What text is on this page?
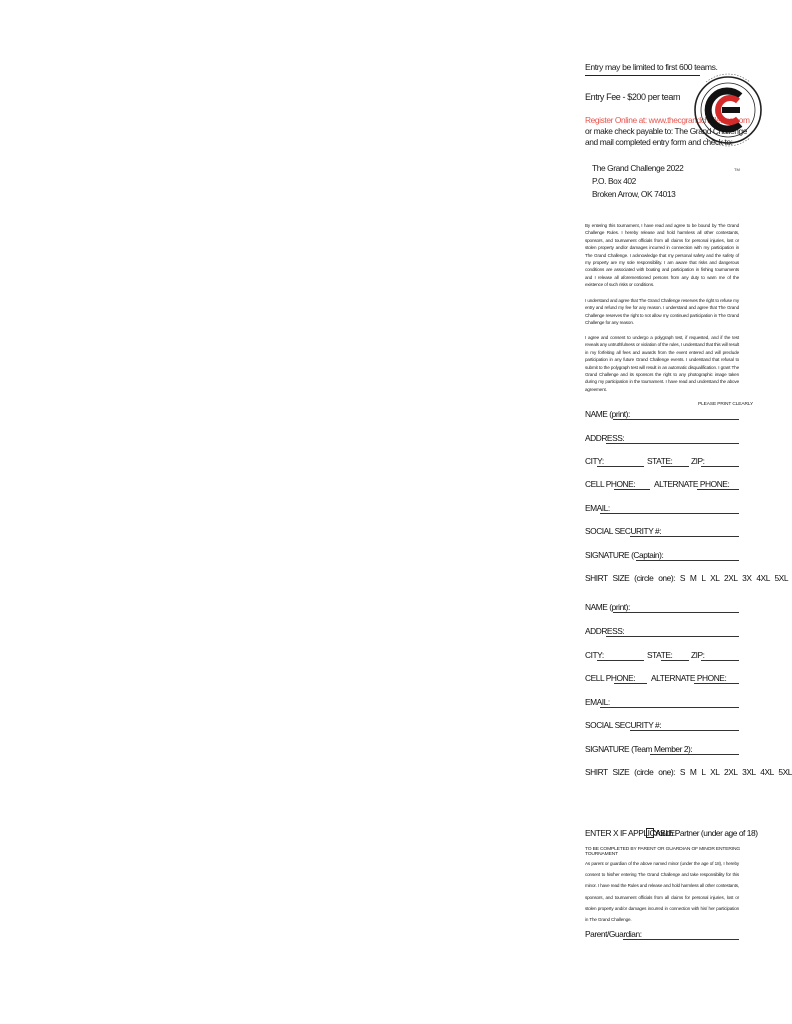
Entry may be limited to first 600 teams.
Entry Fee - $200 per team
Register Online at: www.thecgrandchallenge.com
or make check payable to: The Grand Challenge
and mail completed entry form and check to:
The Grand Challenge 2022
P.O. Box 402
Broken Arrow, OK 74013
TM
By entering this tournament, I have read and agree to be bound by The Grand Challenge Rules. I hereby release and hold harmless all other contestants, sponsors, and tournament officials from all claims for personal injuries, lost or stolen property and/or damages incurred in connection with my participation in The Grand Challenge. I acknowledge that my personal safety and the safety of my property are my sole responsibility. I am aware that risks and dangerous conditions are associated with boating and participation in fishing tournaments and I release all aforementioned persons from any duty to warn me of the existence of such risks or conditions.
I understand and agree that The Grand Challenge reserves the right to refuse my entry and refund my fee for any reason. I understand and agree that The Grand Challenge reserves the right to not allow my continued participation in The Grand Challenge for any reason.
I agree and consent to undergo a polygraph test, if requested, and if the test reveals any untruthfulness or violation of the rules, I understand that this will result in my forfeiting all fees and awards from the event entered and will preclude participation in any future Grand Challenge events. I understand that refusal to submit to the polygraph test will result in an automatic disqualification. I grant The Grand Challenge and its sponsors the right to any photographic image taken during my participation in the tournament. I have read and understand the above agreement.
PLEASE PRINT CLEARLY
NAME (print):
ADDRESS:
CITY:	STATE: ZIP:
CELL PHONE: ALTERNATE PHONE:
EMAIL:
SOCIAL SECURITY #:
SIGNATURE (Captain):
SHIRT SIZE (circle one): S M L XL 2XL 3X 4XL 5XL
NAME (print):
ADDRESS:
CITY:	STATE: ZIP:
CELL PHONE: ALTERNATE PHONE:
EMAIL:
SOCIAL SECURITY #:
SIGNATURE (Team Member 2):
SHIRT SIZE (circle one): S M L XL 2XL 3XL 4XL 5XL
ENTER X IF APPLICABLE:
Youth Partner (under age of 18)
TO BE COMPLETED BY PARENT OR GUARDIAN OF MINOR ENTERING TOURNAMENT
As parent or guardian of the above named minor (under the age of 18), I hereby consent to his/her entering The Grand Challenge and take responsibility for this minor. I have read the Rules and release and hold harmless all other contestants, sponsors, and tournament officials from all claims for personal injuries, lost or stolen property and/or damages incurred in connection with his/ her participation in The Grand Challenge.
Parent/Guardian:
